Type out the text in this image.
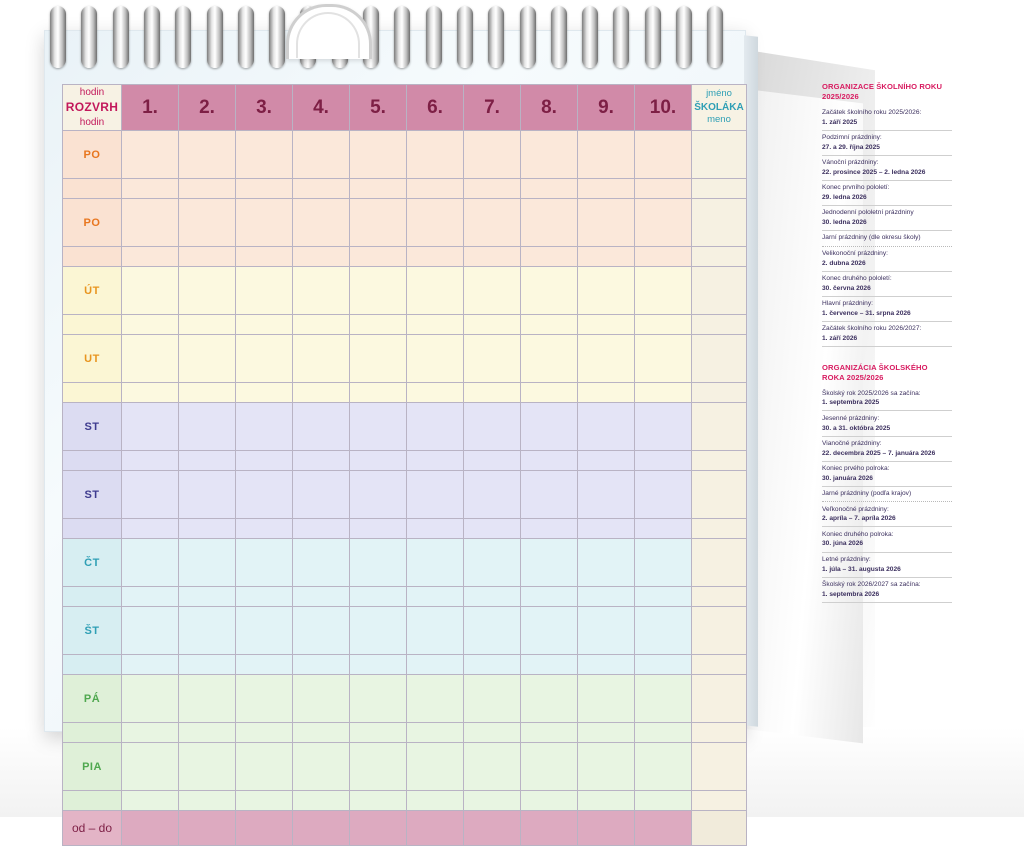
hodin
ROZVRH
hodin	1.	2.	3.	4.	5.	6.	7.	8.	9.	10.	jméno
ŠKOLÁKA
meno
PO											

PO											

ÚT											

UT											

ST											

ST											

ČT											

ŠT											

PÁ											

PIA											

od – do											
ORGANIZACE ŠKOLNÍHO ROKU 2025/2026
Začátek školního roku 2025/2026:
1. září 2025
Podzimní prázdniny:
27. a 29. října 2025
Vánoční prázdniny:
22. prosince 2025 – 2. ledna 2026
Konec prvního pololetí:
29. ledna 2026
Jednodenní pololetní prázdniny
30. ledna 2026
Jarní prázdniny (dle okresu školy)
Velikonoční prázdniny:
2. dubna 2026
Konec druhého pololetí:
30. června 2026
Hlavní prázdniny:
1. července – 31. srpna 2026
Začátek školního roku 2026/2027:
1. září 2026
ORGANIZÁCIA ŠKOLSKÉHO ROKA 2025/2026
Školský rok 2025/2026 sa začína:
1. septembra 2025
Jesenné prázdniny:
30. a 31. októbra 2025
Vianočné prázdniny:
22. decembra 2025 – 7. januára 2026
Koniec prvého polroka:
30. januára 2026
Jarné prázdniny (podľa krajov)
Veľkonočné prázdniny:
2. apríla – 7. apríla 2026
Koniec druhého polroka:
30. júna 2026
Letné prázdniny:
1. júla – 31. augusta 2026
Školský rok 2026/2027 sa začína:
1. septembra 2026
